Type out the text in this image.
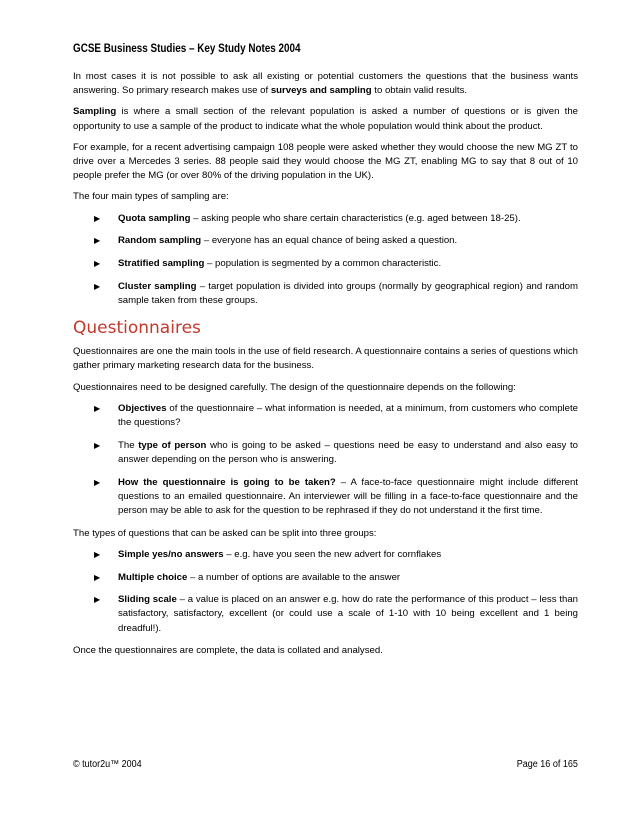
GCSE Business Studies – Key Study Notes 2004

In most cases it is not possible to ask all existing or potential customers the questions that the business wants answering. So primary research makes use of surveys and sampling to obtain valid results.

Sampling is where a small section of the relevant population is asked a number of questions or is given the opportunity to use a sample of the product to indicate what the whole population would think about the product.

For example, for a recent advertising campaign 108 people were asked whether they would choose the new MG ZT to drive over a Mercedes 3 series. 88 people said they would choose the MG ZT, enabling MG to say that 8 out of 10 people prefer the MG (or over 80% of the driving population in the UK).

The four main types of sampling are:

▶ Quota sampling – asking people who share certain characteristics (e.g. aged between 18-25).
▶ Random sampling – everyone has an equal chance of being asked a question.
▶ Stratified sampling – population is segmented by a common characteristic.
▶ Cluster sampling – target population is divided into groups (normally by geographical region) and random sample taken from these groups.
Questionnaires

Questionnaires are one the main tools in the use of field research. A questionnaire contains a series of questions which gather primary marketing research data for the business.

Questionnaires need to be designed carefully. The design of the questionnaire depends on the following:

▶ Objectives of the questionnaire – what information is needed, at a minimum, from customers who complete the questions?
▶ The type of person who is going to be asked – questions need be easy to understand and also easy to answer depending on the person who is answering.
▶ How the questionnaire is going to be taken? – A face-to-face questionnaire might include different questions to an emailed questionnaire. An interviewer will be filling in a face-to-face questionnaire and the person may be able to ask for the question to be rephrased if they do not understand it the first time.

The types of questions that can be asked can be split into three groups:

▶ Simple yes/no answers – e.g. have you seen the new advert for cornflakes
▶ Multiple choice – a number of options are available to the answer
▶ Sliding scale – a value is placed on an answer e.g. how do rate the performance of this product – less than satisfactory, satisfactory, excellent (or could use a scale of 1-10 with 10 being excellent and 1 being dreadful!).

Once the questionnaires are complete, the data is collated and analysed.

© tutor2u™ 2004	Page 16 of 165
